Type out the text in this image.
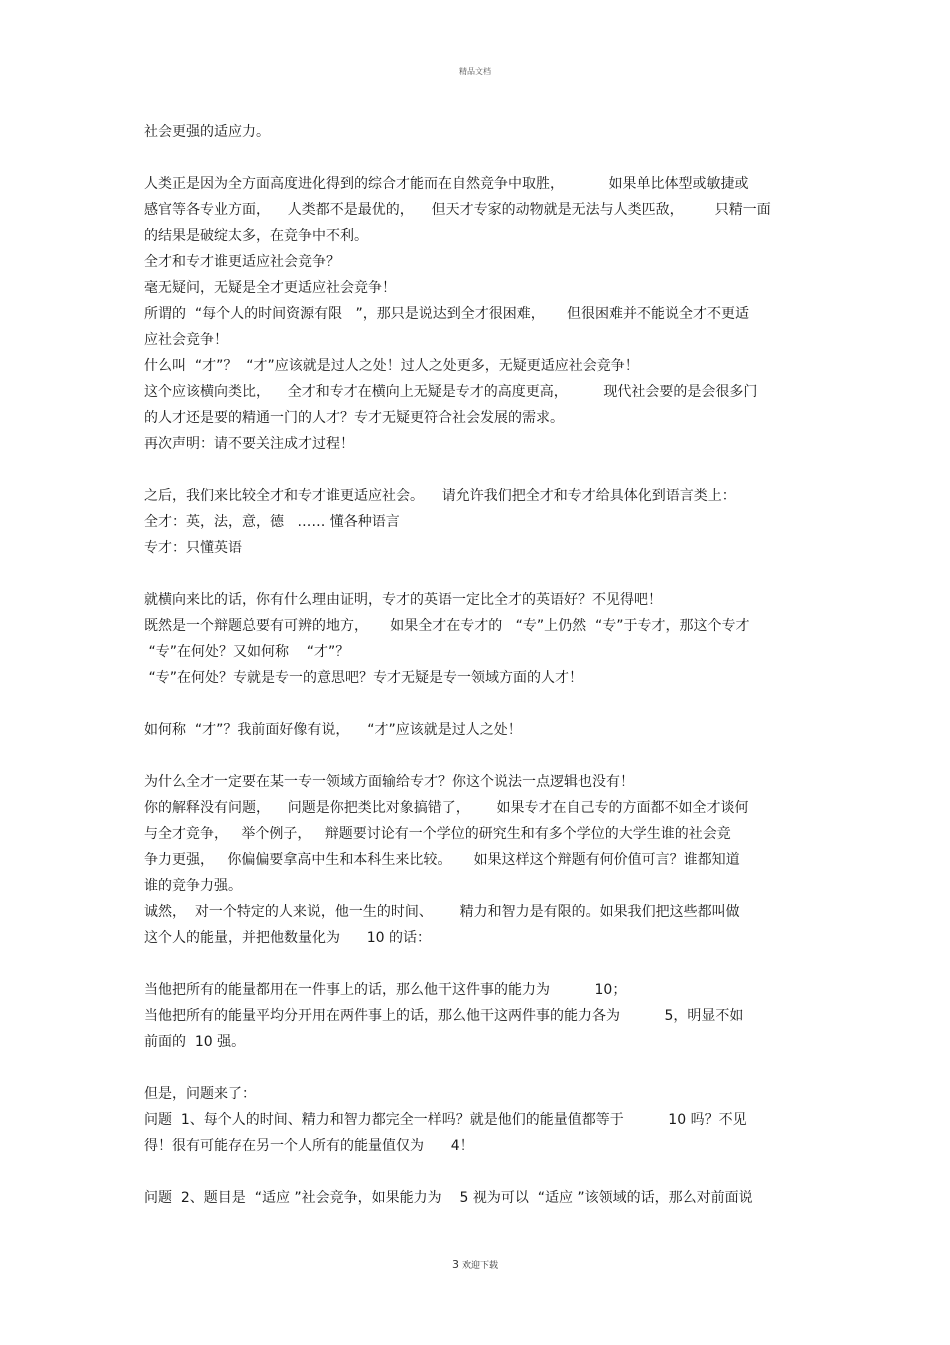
精品文档
社会更强的适应力。
人类正是因为全方面高度进化得到的综合才能而在自然竞争中取胜，          如果单比体型或敏捷或
感官等各专业方面，    人类都不是最优的，    但天才专家的动物就是无法与人类匹敌，       只精一面
的结果是破绽太多，在竞争中不利。
全才和专才谁更适应社会竞争？
毫无疑问，无疑是全才更适应社会竞争！
所谓的  “每个人的时间资源有限   ”，那只是说达到全才很困难，     但很困难并不能说全才不更适
应社会竞争！
什么叫  “才”？  “才”应该就是过人之处！过人之处更多，无疑更适应社会竞争！
这个应该横向类比，    全才和专才在横向上无疑是专才的高度更高，        现代社会要的是会很多门
的人才还是要的精通一门的人才？专才无疑更符合社会发展的需求。
再次声明：请不要关注成才过程！
之后，我们来比较全才和专才谁更适应社会。    请允许我们把全才和专才给具体化到语言类上：
全才：英，法，意，德   …… 懂各种语言
专才：只懂英语
就横向来比的话，你有什么理由证明，专才的英语一定比全才的英语好？不见得吧！
既然是一个辩题总要有可辨的地方，     如果全才在专才的   “专”上仍然  “专”于专才，那这个专才
“专”在何处？又如何称    “才”？
“专”在何处？专就是专一的意思吧？专才无疑是专一领域方面的人才！
如何称  “才”？我前面好像有说，    “才”应该就是过人之处！
为什么全才一定要在某一专一领域方面输给专才？你这个说法一点逻辑也没有！
你的解释没有问题，    问题是你把类比对象搞错了，      如果专才在自己专的方面都不如全才谈何
与全才竞争，   举个例子，   辩题要讨论有一个学位的研究生和有多个学位的大学生谁的社会竞
争力更强，   你偏偏要拿高中生和本科生来比较。     如果这样这个辩题有何价值可言？谁都知道
谁的竞争力强。
诚然，  对一个特定的人来说，他一生的时间、      精力和智力是有限的。如果我们把这些都叫做
这个人的能量，并把他数量化为      10 的话：
当他把所有的能量都用在一件事上的话，那么他干这件事的能力为          10；
当他把所有的能量平均分开用在两件事上的话，那么他干这两件事的能力各为          5，明显不如
前面的  10 强。
但是，问题来了：
问题  1、每个人的时间、精力和智力都完全一样吗？就是他们的能量值都等于          10 吗？不见
得！很有可能存在另一个人所有的能量值仅为      4！
问题  2、题目是  “适应 ”社会竞争，如果能力为    5 视为可以  “适应 ”该领域的话，那么对前面说
3 欢迎下载
